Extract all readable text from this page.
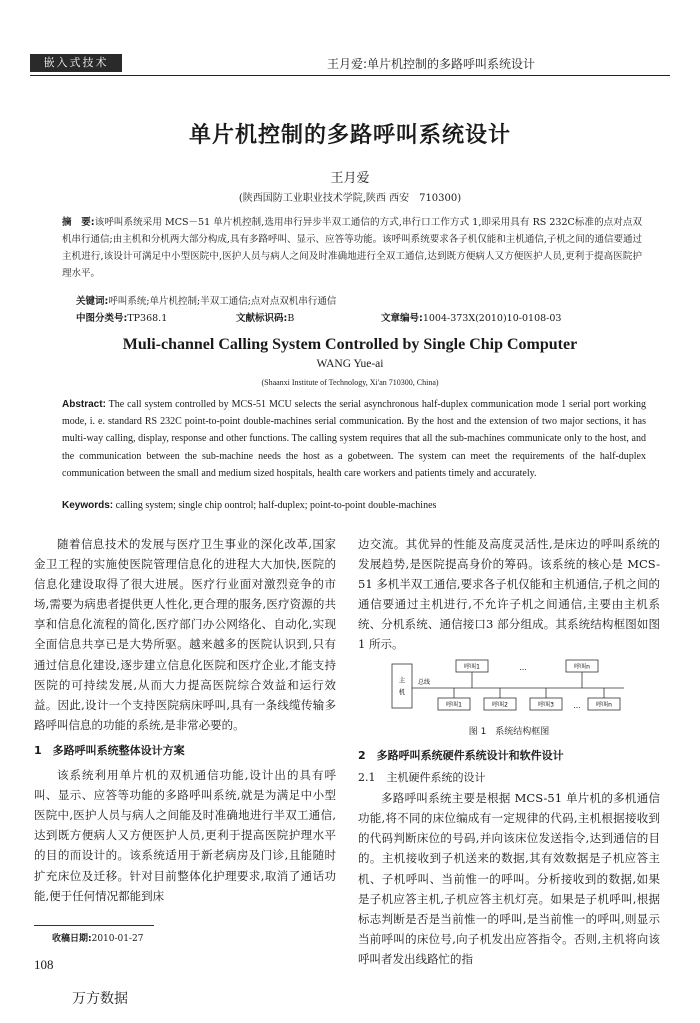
嵌入式技术	王月爱:单片机控制的多路呼叫系统设计
单片机控制的多路呼叫系统设计
王月爱
(陕西国防工业职业技术学院,陕西 西安　710300)
摘　要:该呼叫系统采用 MCS－51 单片机控制,选用串行异步半双工通信的方式,串行口工作方式 1,即采用具有 RS 232C标准的点对点双机串行通信;由主机和分机两大部分构成,具有多路呼叫、显示、应答等功能。该呼叫系统要求各子机仅能和主机通信,子机之间的通信要通过主机进行,该设计可满足中小型医院中,医护人员与病人之间及时准确地进行全双工通信,达到既方便病人又方便医护人员,更利于提高医院护理水平。
关键词:呼叫系统;单片机控制;半双工通信;点对点双机串行通信
中图分类号:TP368.1	文献标识码:B	文章编号:1004-373X(2010)10-0108-03
Muli-channel Calling System Controlled by Single Chip Computer
WANG Yue-ai
(Shaanxi Institute of Technology, Xi'an 710300, China)
Abstract: The call system controlled by MCS-51 MCU selects the serial asynchronous half-duplex communication mode 1 serial port working mode, i. e. standard RS 232C point-to-point double-machines serial communication. By the host and the extension of two major sections, it has multi-way calling, display, response and other functions. The calling system requires that all the sub-machines communicate only to the host, and the communication between the sub-machine needs the host as a gobetween. The system can meet the requirements of the half-duplex communication between the small and medium sized hospitals, health care workers and patients timely and accurately.
Keywords: calling system; single chip oontrol; half-duplex; point-to-point double-machines

随着信息技术的发展与医疗卫生事业的深化改革,国家金卫工程的实施使医院管理信息化的进程大大加快,医院的信息化建设取得了很大进展。医疗行业面对激烈竞争的市场,需要为病患者提供更人性化,更合理的服务,医疗资源的共享和信息化流程的简化,医疗部门办公网络化、自动化,实现全面信息共享已是大势所驱。越来越多的医院认识到,只有通过信息化建设,逐步建立信息化医院和医疗企业,才能支持医院的可持续发展,从而大力提高医院综合效益和运行效益。因此,设计一个支持医院病床呼叫,具有一条线缆传输多路呼叫信息的功能的系统,是非常必要的。

1　多路呼叫系统整体设计方案

该系统利用单片机的双机通信功能,设计出的具有呼叫、显示、应答等功能的多路呼叫系统,就是为满足中小型医院中,医护人员与病人之间能及时准确地进行半双工通信,达到既方便病人又方便医护人员,更利于提高医院护理水平的目的而设计的。该系统适用于新老病房及门诊,且能随时扩充床位及迁移。针对目前整体化护理要求,取消了通话功能,便于任何情况都能到床

边交流。其优异的性能及高度灵活性,是床边的呼叫系统的发展趋势,是医院提高身价的筹码。该系统的核心是 MCS-51 多机半双工通信,要求各子机仅能和主机通信,子机之间的通信要通过主机进行,不允许子机之间通信,主要由主机系统、分机系统、通信接口3 部分组成。其系统结构框图如图 1 所示。

主
机
总线
呼叫1	呼叫n
…
呼叫1	呼叫2	呼叫3	呼叫n
…
图 1　系统结构框图

2　多路呼叫系统硬件系统设计和软件设计

2.1　主机硬件系统的设计

多路呼叫系统主要是根据 MCS-51 单片机的多机通信功能,将不同的床位编成有一定规律的代码,主机根据接收到的代码判断床位的号码,并向该床位发送指令,达到通信的目的。主机接收到子机送来的数据,其有效数据是子机应答主机、子机呼叫、当前惟一的呼叫。分析接收到的数据,如果是子机应答主机,子机应答主机灯亮。如果是子机呼叫,根据标志判断是否是当前惟一的呼叫,是当前惟一的呼叫,则显示当前呼叫的床位号,向子机发出应答指令。否则,主机将向该呼叫者发出线路忙的指

收稿日期:2010-01-27
108
万方数据
